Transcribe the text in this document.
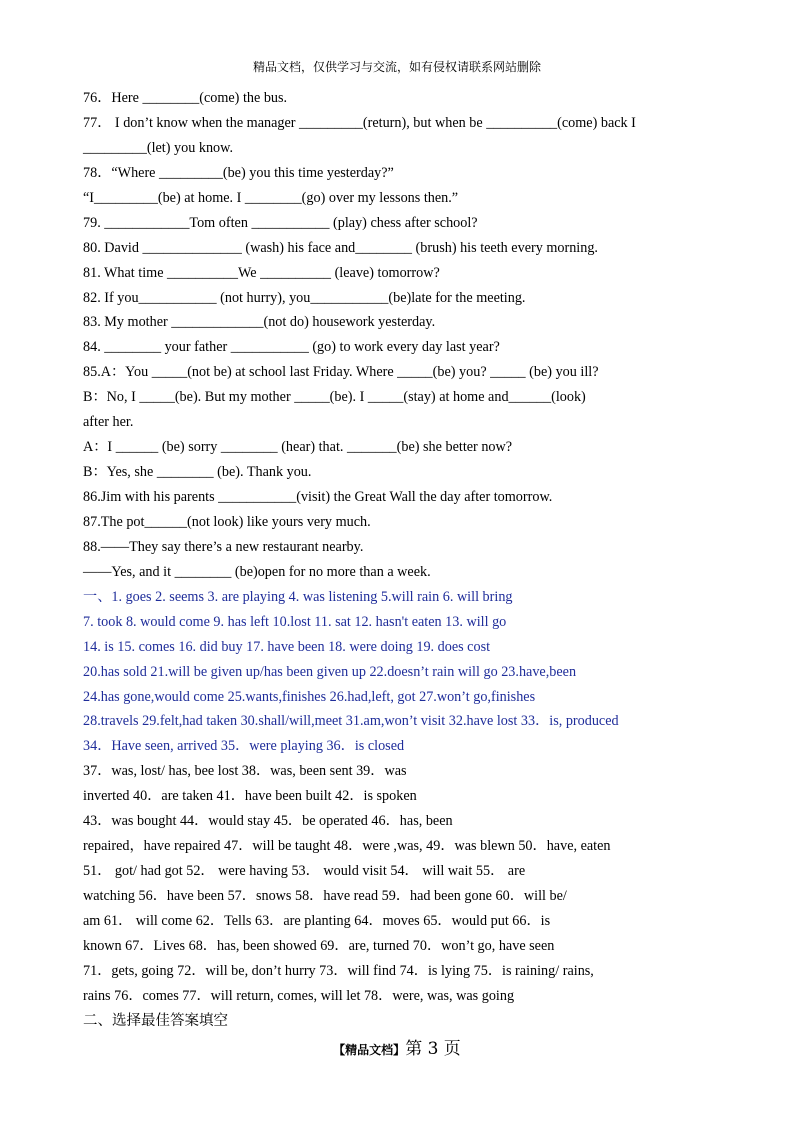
精品文档，仅供学习与交流，如有侵权请联系网站删除
76．Here ________(come) the bus.
77． I don’t know when the manager _________(return), but when be __________(come) back I
_________(let) you know.
78．“Where _________(be) you this time yesterday?”
“I_________(be) at home. I ________(go) over my lessons then.”
79. ____________Tom often ___________ (play) chess after school?
80. David ______________ (wash) his face and________ (brush) his teeth every morning.
81. What time __________We __________ (leave) tomorrow?
82. If you___________ (not hurry), you___________(be)late for the meeting.
83. My mother _____________(not do) housework yesterday.
84. ________ your father ___________ (go) to work every day last year?
85.A：You _____(not be) at school last Friday. Where _____(be) you? _____ (be) you ill?
B：No, I _____(be). But my mother _____(be). I _____(stay) at home and______(look)
after her.
A：I ______ (be) sorry ________ (hear) that. _______(be) she better now?
B：Yes, she ________ (be). Thank you.
86.Jim with his parents ___________(visit) the Great Wall the day after tomorrow.
87.The pot______(not look) like yours very much.
88.——They say there’s a new restaurant nearby.
——Yes, and it ________ (be)open for no more than a week.
一、1. goes 2. seems 3. are playing 4. was listening 5.will rain 6. will bring
7. took 8. would come 9. has left 10.lost 11. sat 12. hasn't eaten 13. will go
14. is 15. comes 16. did buy 17. have been 18. were doing 19. does cost
20.has sold 21.will be given up/has been given up 22.doesn’t rain will go 23.have,been
24.has gone,would come 25.wants,finishes 26.had,left, got 27.won’t go,finishes
28.travels 29.felt,had taken 30.shall/will,meet 31.am,won’t visit 32.have lost 33．is, produced
34．Have seen, arrived 35．were playing 36．is closed
37．was, lost/ has, bee lost 38．was, been sent 39．was
inverted 40．are taken 41．have been built 42．is spoken
43．was bought 44．would stay 45．be operated 46．has, been
repaired，have repaired 47．will be taught 48．were ,was, 49．was blewn 50．have, eaten
51． got/ had got 52． were having 53． would visit 54． will wait 55． are
watching 56．have been 57．snows 58．have read 59．had been gone 60．will be/
am 61． will come 62．Tells 63．are planting 64．moves 65．would put 66．is
known 67．Lives 68．has, been showed 69．are, turned 70．won’t go, have seen
71．gets, going 72．will be, don’t hurry 73．will find 74．is lying 75．is raining/ rains,
rains 76．comes 77．will return, comes, will let 78．were, was, was going
二、选择最佳答案填空
【精品文档】第 3 页
